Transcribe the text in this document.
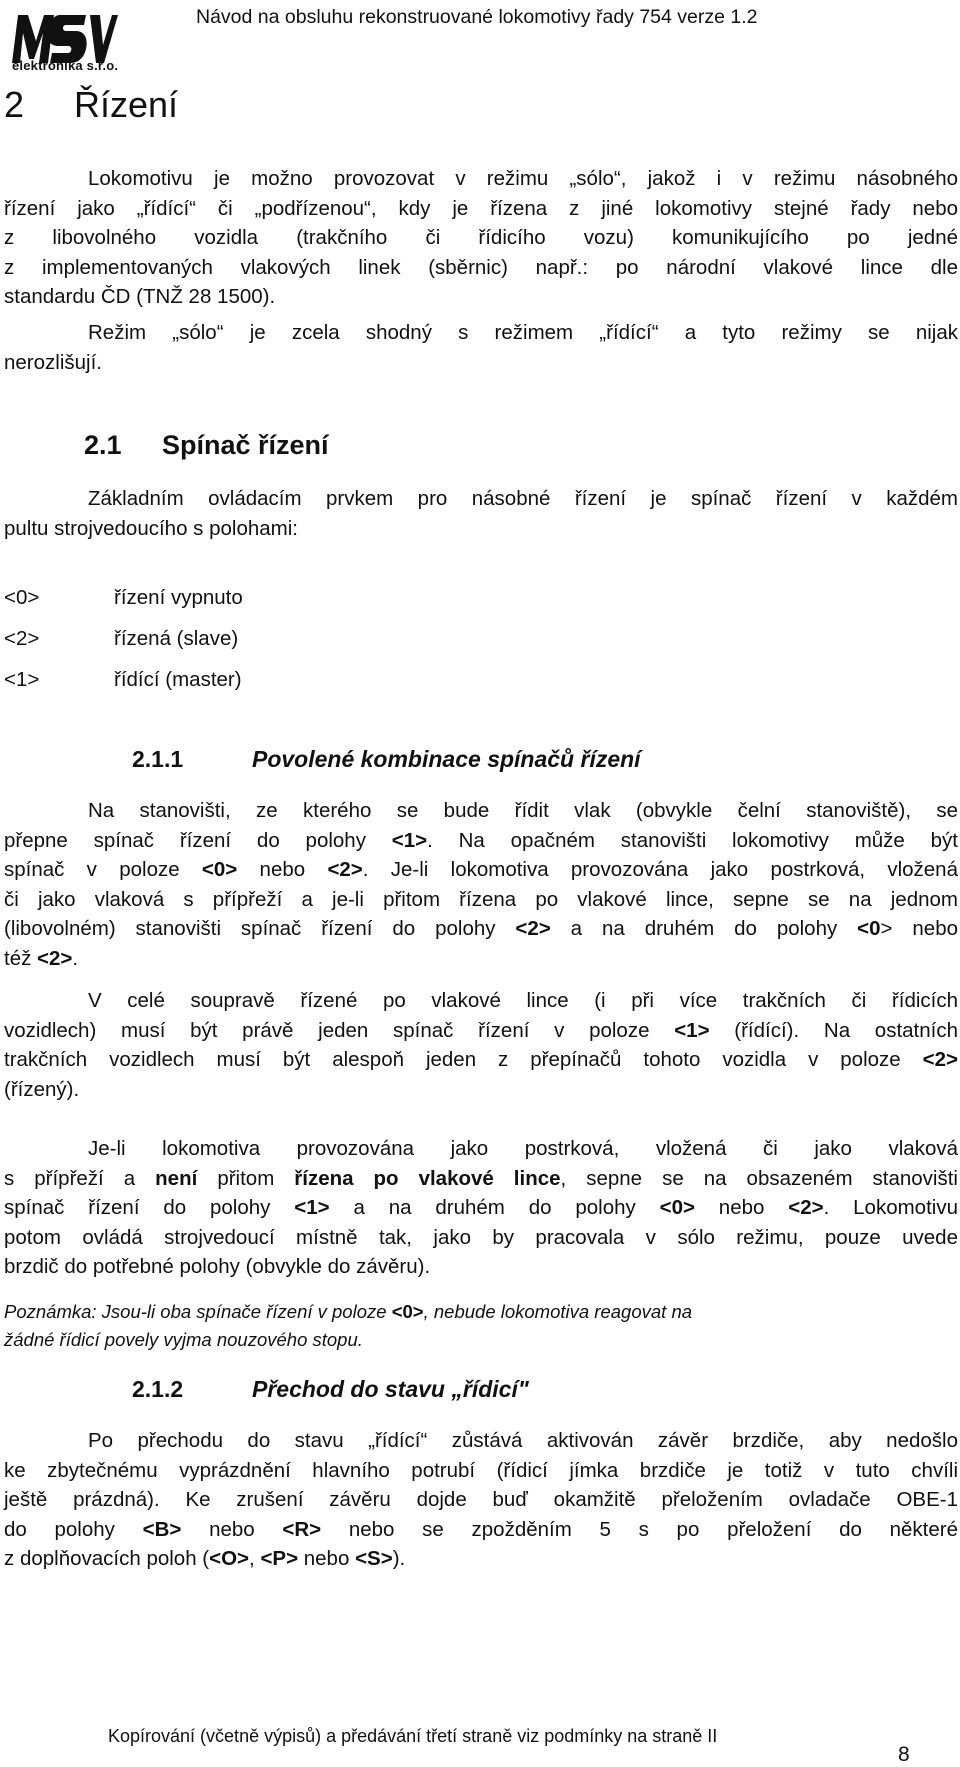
elektronika s.r.o.
Návod na obsluhu rekonstruované lokomotivy řady 754 verze 1.2
2 Řízení
Lokomotivu je možno provozovat v režimu „sólo“, jakož i v režimu násobného
řízení jako „řídící“ či „podřízenou“, kdy je řízena z jiné lokomotivy stejné řady nebo
z libovolného vozidla (trakčního či řídicího vozu) komunikujícího po jedné
z implementovaných vlakových linek (sběrnic) např.: po národní vlakové lince dle
standardu ČD (TNŽ 28 1500).
Režim „sólo“ je zcela shodný s režimem „řídící“ a tyto režimy se nijak
nerozlišují.
2.1 Spínač řízení
Základním ovládacím prvkem pro násobné řízení je spínač řízení v každém
pultu strojvedoucího s polohami:
<0>	řízení vypnuto
<2>	řízená (slave)
<1>	řídící (master)
2.1.1	Povolené kombinace spínačů řízení
Na stanovišti, ze kterého se bude řídit vlak (obvykle čelní stanoviště), se
přepne spínač řízení do polohy <1>. Na opačném stanovišti lokomotivy může být
spínač v poloze <0> nebo <2>. Je-li lokomotiva provozována jako postrková, vložená
či jako vlaková s přípřeží a je-li přitom řízena po vlakové lince, sepne se na jednom
(libovolném) stanovišti spínač řízení do polohy <2> a na druhém do polohy <0> nebo
též <2>.
V celé soupravě řízené po vlakové lince (i při více trakčních či řídicích
vozidlech) musí být právě jeden spínač řízení v poloze <1> (řídící). Na ostatních
trakčních vozidlech musí být alespoň jeden z přepínačů tohoto vozidla v poloze <2>
(řízený).
Je-li lokomotiva provozována jako postrková, vložená či jako vlaková
s přípřeží a není přitom řízena po vlakové lince, sepne se na obsazeném stanovišti
spínač řízení do polohy <1> a na druhém do polohy <0> nebo <2>. Lokomotivu
potom ovládá strojvedoucí místně tak, jako by pracovala v sólo režimu, pouze uvede
brzdič do potřebné polohy (obvykle do závěru).
Poznámka: Jsou-li oba spínače řízení v poloze <0>, nebude lokomotiva reagovat na
žádné řídicí povely vyjma nouzového stopu.
2.1.2	Přechod do stavu „řídicí"
Po přechodu do stavu „řídící“ zůstává aktivován závěr brzdiče, aby nedošlo
ke zbytečnému vyprázdnění hlavního potrubí (řídicí jímka brzdiče je totiž v tuto chvíli
ještě prázdná). Ke zrušení závěru dojde buď okamžitě přeložením ovladače OBE-1
do polohy <B> nebo <R> nebo se zpožděním 5 s po přeložení do některé
z doplňovacích poloh (<O>, <P> nebo <S>).
Kopírování (včetně výpisů) a předávání třetí straně viz podmínky na straně II
8
